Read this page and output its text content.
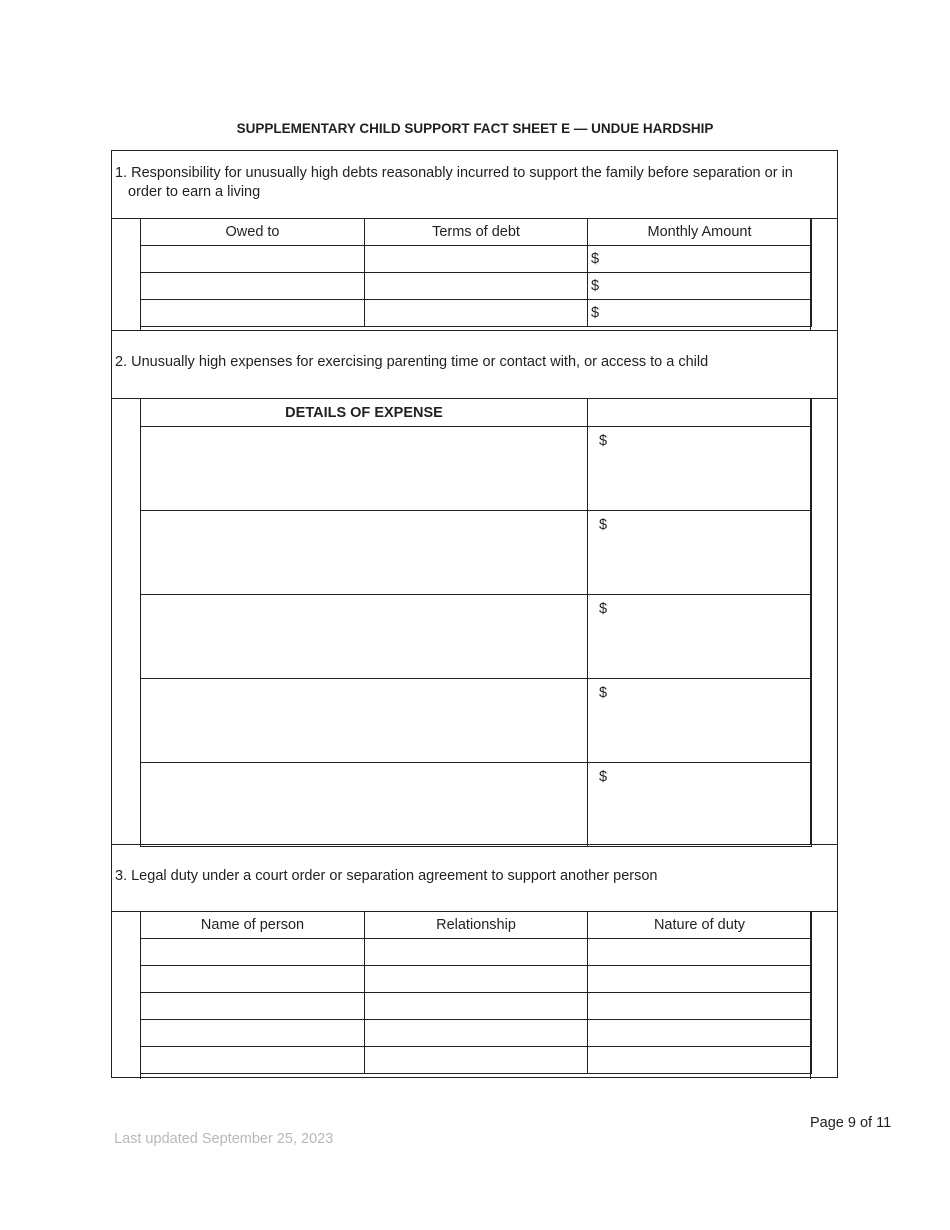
SUPPLEMENTARY CHILD SUPPORT FACT SHEET E — UNDUE HARDSHIP
1. Responsibility for unusually high debts reasonably incurred to support the family before separation or in order to earn a living
Owed to	Terms of debt	Monthly Amount
		$
		$
		$
2. Unusually high expenses for exercising parenting time or contact with, or access to a child
DETAILS OF EXPENSE	
	$
	$
	$
	$
	$
3. Legal duty under a court order or separation agreement to support another person
Name of person	Relationship	Nature of duty

Page 9 of 11
Last updated September 25, 2023
